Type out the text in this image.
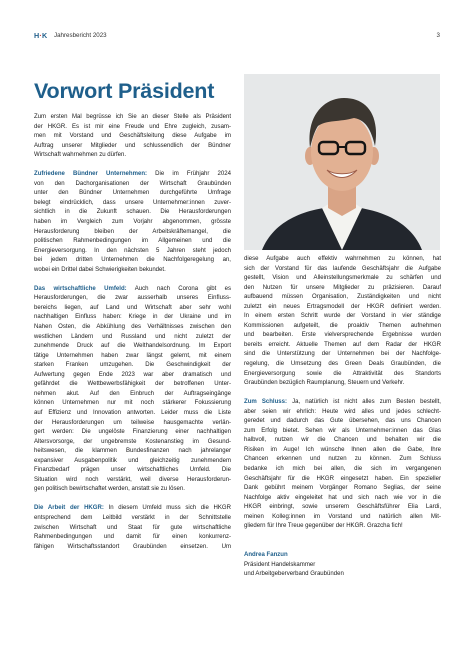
H·K Jahresbericht 2023	3
Vorwort Präsident
Zum ersten Mal begrüsse ich Sie an dieser Stelle als Präsident
der HKGR. Es ist mir eine Freude und Ehre zugleich, zusam-
men mit Vorstand und Geschäftsleitung diese Aufgabe im
Auftrag unserer Mitglieder und schlussendlich der Bündner
Wirtschaft wahrnehmen zu dürfen.
Zufriedene Bündner Unternehmen: Die im Frühjahr 2024
von den Dachorganisationen der Wirtschaft Graubünden
unter den Bündner Unternehmen durchgeführte Umfrage
belegt eindrücklich, dass unsere Unternehmer:innen zuver-
sichtlich in die Zukunft schauen. Die Herausforderungen
haben im Vergleich zum Vorjahr abgenommen, grösste
Herausforderung bleiben der Arbeitskräftemangel, die
politischen Rahmenbedingungen im Allgemeinen und die
Energieversorgung. In den nächsten 5 Jahren steht jedoch
bei jedem dritten Unternehmen die Nachfolgeregelung an,
wobei ein Drittel dabei Schwierigkeiten bekundet.
Das wirtschaftliche Umfeld: Auch nach Corona gibt es
Herausforderungen, die zwar ausserhalb unseres Einfluss-
bereichs liegen, auf Land und Wirtschaft aber sehr wohl
nachhaltigen Einfluss haben: Kriege in der Ukraine und im
Nahen Osten, die Abkühlung des Verhältnisses zwischen den
westlichen Ländern und Russland und nicht zuletzt der
zunehmende Druck auf die Welthandelsordnung. Im Export
tätige Unternehmen haben zwar längst gelernt, mit einem
starken Franken umzugehen. Die Geschwindigkeit der
Aufwertung gegen Ende 2023 war aber dramatisch und
gefährdet die Wettbewerbsfähigkeit der betroffenen Unter-
nehmen akut. Auf den Einbruch der Auftragseingänge
können Unternehmen nur mit noch stärkerer Fokussierung
auf Effizienz und Innovation antworten. Leider muss die Liste
der Herausforderungen um teilweise hausgemachte verlän-
gert werden: Die ungelöste Finanzierung einer nachhaltigen
Altersvorsorge, der ungebremste Kostenanstieg im Gesund-
heitswesen, die klammen Bundesfinanzen nach jahrelanger
expansiver Ausgabenpolitik und gleichzeitig zunehmendem
Finanzbedarf prägen unser wirtschaftliches Umfeld. Die
Situation wird noch verstärkt, weil diverse Herausforderun-
gen politisch bewirtschaftet werden, anstatt sie zu lösen.
Die Arbeit der HKGR: In diesem Umfeld muss sich die HKGR
entsprechend dem Leitbild verstärkt in der Schnittstelle
zwischen Wirtschaft und Staat für gute wirtschaftliche
Rahmenbedingungen und damit für einen konkurrenz-
fähigen Wirtschaftsstandort Graubünden einsetzen. Um
diese Aufgabe auch effektiv wahrnehmen zu können, hat
sich der Vorstand für das laufende Geschäftsjahr die Aufgabe
gestellt, Vision und Alleinstellungsmerkmale zu schärfen und
den Nutzen für unsere Mitglieder zu präzisieren. Darauf
aufbauend müssen Organisation, Zuständigkeiten und nicht
zuletzt ein neues Ertragsmodell der HKGR definiert werden.
In einem ersten Schritt wurde der Vorstand in vier ständige
Kommissionen aufgeteilt, die proaktiv Themen aufnehmen
und bearbeiten. Erste vielversprechende Ergebnisse wurden
bereits erreicht. Aktuelle Themen auf dem Radar der HKGR
sind die Unterstützung der Unternehmen bei der Nachfolge-
regelung, die Umsetzung des Green Deals Graubünden, die
Energieversorgung sowie die Attraktivität des Standorts
Graubünden bezüglich Raumplanung, Steuern und Verkehr.
Zum Schluss: Ja, natürlich ist nicht alles zum Besten bestellt,
aber seien wir ehrlich: Heute wird alles und jedes schlecht-
geredet und dadurch das Gute übersehen, das uns Chancen
zum Erfolg bietet. Sehen wir als Unternehmer:innen das Glas
halbvoll, nutzen wir die Chancen und behalten wir die
Risiken im Auge! Ich wünsche Ihnen allen die Gabe, Ihre
Chancen erkennen und nutzen zu können. Zum Schluss
bedanke ich mich bei allen, die sich im vergangenen
Geschäftsjahr für die HKGR eingesetzt haben. Ein spezieller
Dank gebührt meinem Vorgänger Romano Seglias, der seine
Nachfolge aktiv eingeleitet hat und sich nach wie vor in die
HKGR einbringt, sowie unserem Geschäftsführer Elia Lardi,
meinen Kolleg:innen im Vorstand und natürlich allen Mit-
gliedern für Ihre Treue gegenüber der HKGR. Grazcha fich!
Andrea Fanzun
Präsident Handelskammer
und Arbeitgeberverband Graubünden
